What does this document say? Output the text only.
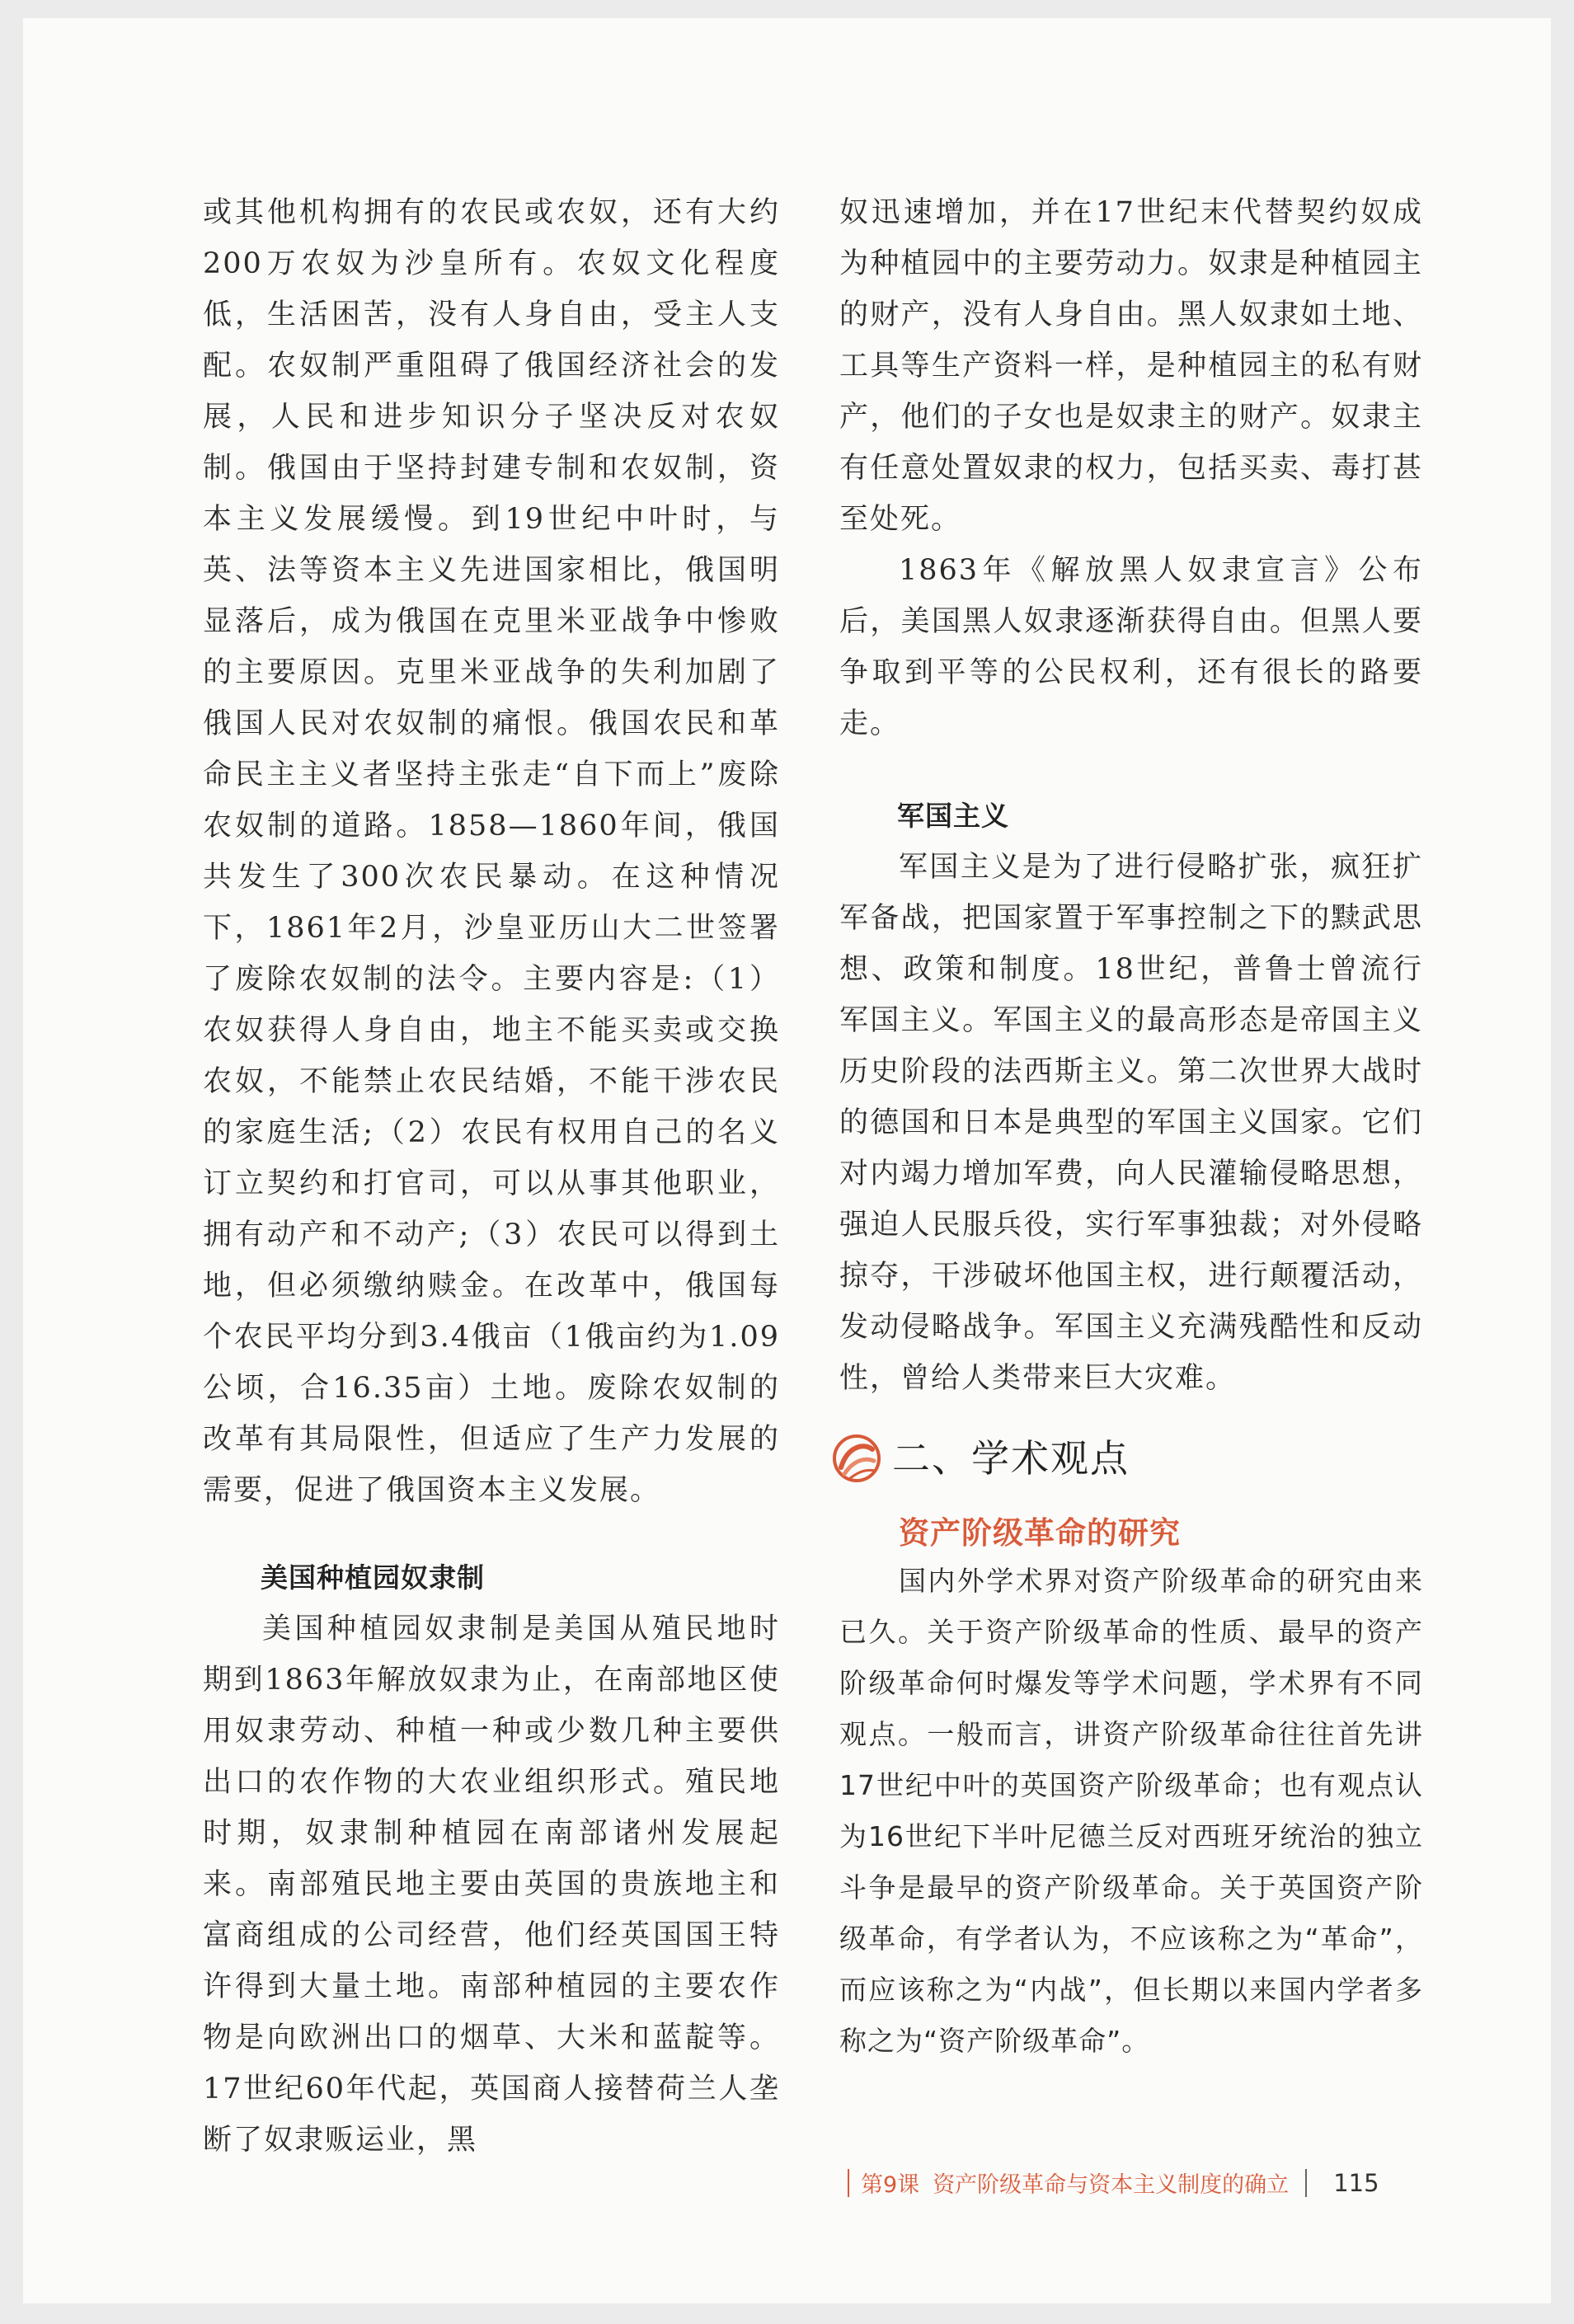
或其他机构拥有的农民或农奴，还有大约200万农奴为沙皇所有。农奴文化程度低，生活困苦，没有人身自由，受主人支配。农奴制严重阻碍了俄国经济社会的发展，人民和进步知识分子坚决反对农奴制。俄国由于坚持封建专制和农奴制，资本主义发展缓慢。到19世纪中叶时，与英、法等资本主义先进国家相比，俄国明显落后，成为俄国在克里米亚战争中惨败的主要原因。克里米亚战争的失利加剧了俄国人民对农奴制的痛恨。俄国农民和革命民主主义者坚持主张走“自下而上”废除农奴制的道路。1858—1860年间，俄国共发生了300次农民暴动。在这种情况下，1861年2月，沙皇亚历山大二世签署了废除农奴制的法令。主要内容是:（1）农奴获得人身自由，地主不能买卖或交换农奴，不能禁止农民结婚，不能干涉农民的家庭生活;（2）农民有权用自己的名义订立契约和打官司，可以从事其他职业，拥有动产和不动产;（3）农民可以得到土地，但必须缴纳赎金。在改革中，俄国每个农民平均分到3.4俄亩（1俄亩约为1.09公顷，合16.35亩）土地。废除农奴制的改革有其局限性，但适应了生产力发展的需要，促进了俄国资本主义发展。

美国种植园奴隶制

美国种植园奴隶制是美国从殖民地时期到1863年解放奴隶为止，在南部地区使用奴隶劳动、种植一种或少数几种主要供出口的农作物的大农业组织形式。殖民地时期，奴隶制种植园在南部诸州发展起来。南部殖民地主要由英国的贵族地主和富商组成的公司经营，他们经英国国王特许得到大量土地。南部种植园的主要农作物是向欧洲出口的烟草、大米和蓝靛等。17世纪60年代起，英国商人接替荷兰人垄断了奴隶贩运业，黑

奴迅速增加，并在17世纪末代替契约奴成为种植园中的主要劳动力。奴隶是种植园主的财产，没有人身自由。黑人奴隶如土地、工具等生产资料一样，是种植园主的私有财产，他们的子女也是奴隶主的财产。奴隶主有任意处置奴隶的权力，包括买卖、毒打甚至处死。

1863年《解放黑人奴隶宣言》公布后，美国黑人奴隶逐渐获得自由。但黑人要争取到平等的公民权利，还有很长的路要走。

军国主义

军国主义是为了进行侵略扩张，疯狂扩军备战，把国家置于军事控制之下的黩武思想、政策和制度。18世纪，普鲁士曾流行军国主义。军国主义的最高形态是帝国主义历史阶段的法西斯主义。第二次世界大战时的德国和日本是典型的军国主义国家。它们对内竭力增加军费，向人民灌输侵略思想，强迫人民服兵役，实行军事独裁；对外侵略掠夺，干涉破坏他国主权，进行颠覆活动，发动侵略战争。军国主义充满残酷性和反动性，曾给人类带来巨大灾难。

二、学术观点
资产阶级革命的研究

国内外学术界对资产阶级革命的研究由来已久。关于资产阶级革命的性质、最早的资产阶级革命何时爆发等学术问题，学术界有不同观点。一般而言，讲资产阶级革命往往首先讲17世纪中叶的英国资产阶级革命；也有观点认为16世纪下半叶尼德兰反对西班牙统治的独立斗争是最早的资产阶级革命。关于英国资产阶级革命，有学者认为，不应该称之为“革命”，而应该称之为“内战”，但长期以来国内学者多称之为“资产阶级革命”。

第9课 资产阶级革命与资本主义制度的确立 115
